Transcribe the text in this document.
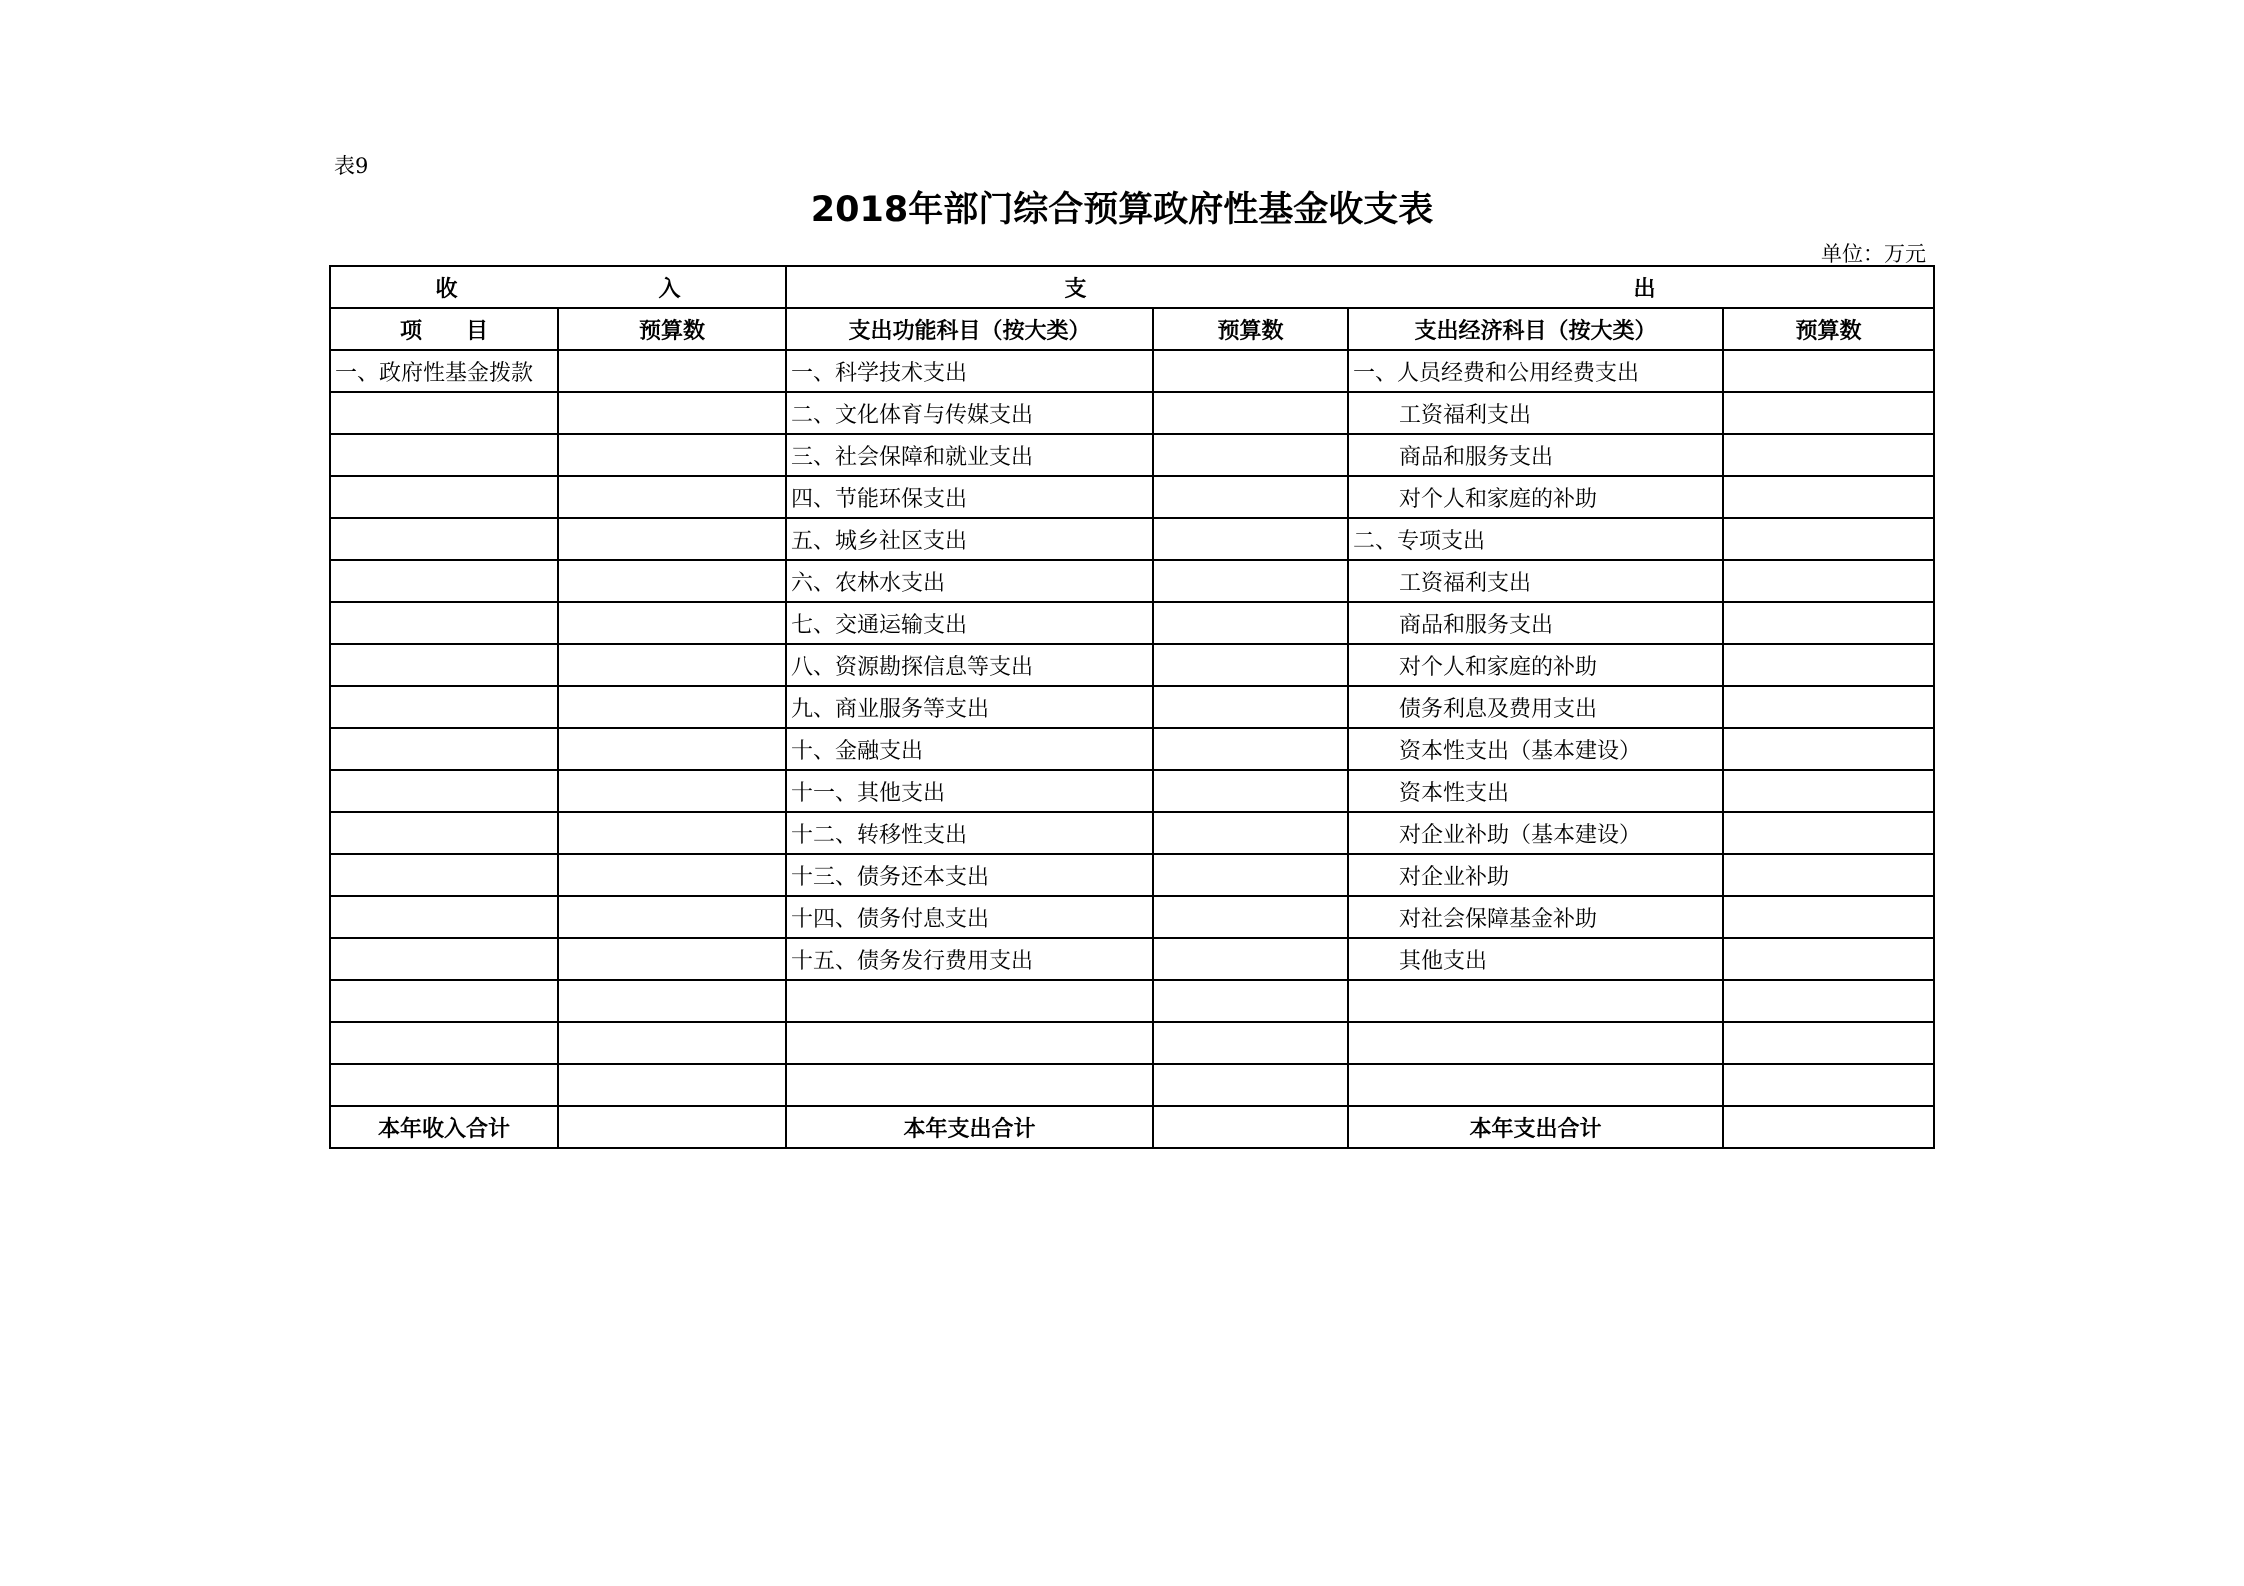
表9
2018年部门综合预算政府性基金收支表
单位：万元
收 入		支 出			

项　　目	预算数	支出功能科目（按大类）	预算数	支出经济科目（按大类）	预算数
一、政府性基金拨款		一、科学技术支出		一、人员经费和公用经费支出	
		二、文化体育与传媒支出		工资福利支出	
		三、社会保障和就业支出		商品和服务支出	
		四、节能环保支出		对个人和家庭的补助	
		五、城乡社区支出		二、专项支出	
		六、农林水支出		工资福利支出	
		七、交通运输支出		商品和服务支出	
		八、资源勘探信息等支出		对个人和家庭的补助	
		九、商业服务等支出		债务利息及费用支出	
		十、金融支出		资本性支出（基本建设）	
		十一、其他支出		资本性支出	
		十二、转移性支出		对企业补助（基本建设）	
		十三、债务还本支出		对企业补助	
		十四、债务付息支出		对社会保障基金补助	
		十五、债务发行费用支出		其他支出	

本年收入合计		本年支出合计		本年支出合计	
